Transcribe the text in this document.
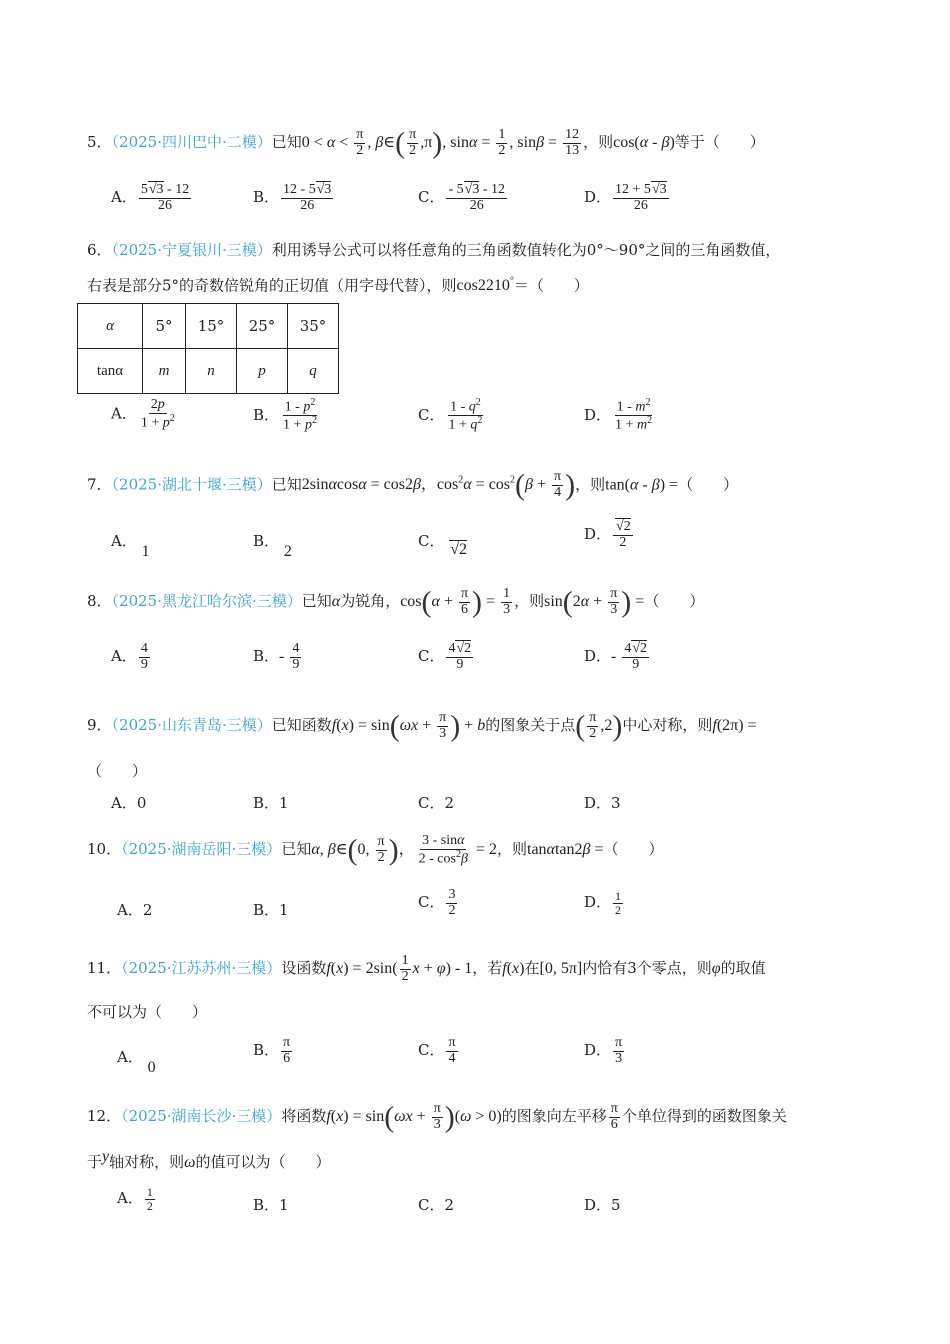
5．（2025·四川巴中·二模）已知$0 < \alpha < \frac{\pi}{2}$ , β∈( $\frac{\pi}{2} ,\pi$), $\sin\alpha = \frac{1}{2}$ , $\sin\beta = \frac{12}{13}$ ，则cos(α - β)等于（　　）
A． $\frac{5√3 - 12}{26}$	B． $\frac{12 - 5√3}{26}$	C． $\frac{- 5√3 - 12}{26}$	D． $\frac{12 + 5√3}{26}$
6．（2025·宁夏银川·三模）利用诱导公式可以将任意角的三角函数值转化为0°～90°之间的三角函数值，
右表是部分5°的奇数倍锐角的正切值（用字母代替），则cos2210°＝（　　）
α	5°	15°	25°	35°
tanα	m	n	p	q
A． $\frac{2p}{1 + p^2}$	B． $\frac{1 - p^2}{1 + p^2}$	C． $\frac{1 - q^2}{1 + q^2}$	D． $\frac{1 - m^2}{1 + m^2}$
7．（2025·湖北十堰·三模）已知2sinαcosα = cos2β，$\cos^2\alpha = \cos^2(\beta + \frac{\pi}{4}$ )，则tan(α - β) =（　　）
A． 1
B． 2
C． √2
D． $\frac{√2}{2}$
8．（2025·黑龙江哈尔滨·三模）已知α为锐角，$\cos(\alpha + \frac{\pi}{6}$ ) = $\frac{1}{3}$ ，则$\sin(2\alpha + \frac{\pi}{3}$ ) =（　　）
A． $\frac{4}{9}$	B．- $\frac{4}{9}$	C． $\frac{4√2}{9}$	D．- $\frac{4√2}{9}$
9．（2025·山东青岛·三模）已知函数$f(x) = \sin(\omega x + \frac{\pi}{3}$ ) + b的图象关于点( $\frac{\pi}{2} ,2$)中心对称，则f(2π) =
（　　）
A．0	B．1	C．2	D．3
10．（2025·湖南岳阳·三模）已知α, β∈(0, $\frac{\pi}{2}$ )， $\frac{3 - \sin\alpha}{2 - \cos^2\beta} = 2$，则tanαtan2β =（　　）
A．2	B．1	C． $\frac{3}{2}$	D． $\frac{1}{2}$
11．（2025·江苏苏州·三模）设函数$f(x) = 2\sin( \frac{1}{2}$ x + φ) - 1，若f(x)在[0, 5π]内恰有3个零点，则φ的取值
不可以为（　　）
A． 0
B． $\frac{\pi}{6}$	C． $\frac{\pi}{4}$	D． $\frac{\pi}{3}$
12．（2025·湖南长沙·三模）将函数$f(x) = \sin(\omega x + \frac{\pi}{3} )(\omega > 0)$的图象向左平移 $\frac{\pi}{6}$ 个单位得到的函数图象关
于y轴对称，则ω的值可以为（　　）
A． $\frac{1}{2}$	B．1	C．2	D．5
